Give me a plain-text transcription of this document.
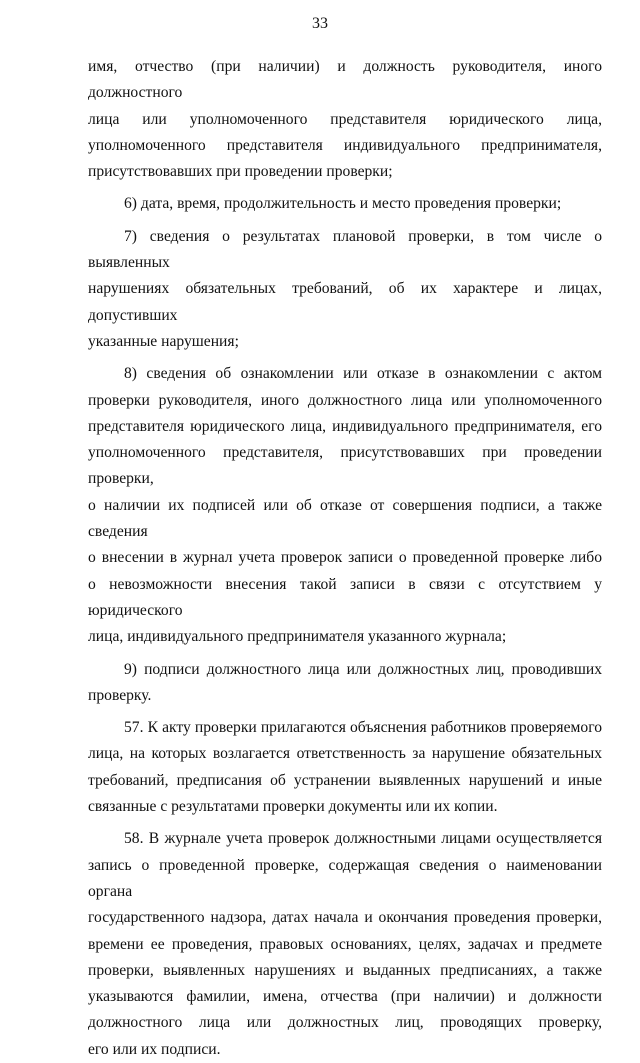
33
имя, отчество (при наличии) и должность руководителя, иного должностного
лица или уполномоченного представителя юридического лица,
уполномоченного представителя индивидуального предпринимателя,
присутствовавших при проведении проверки;
6) дата, время, продолжительность и место проведения проверки;
7) сведения о результатах плановой проверки, в том числе о выявленных
нарушениях обязательных требований, об их характере и лицах, допустивших
указанные нарушения;
8) сведения об ознакомлении или отказе в ознакомлении с актом
проверки руководителя, иного должностного лица или уполномоченного
представителя юридического лица, индивидуального предпринимателя, его
уполномоченного представителя, присутствовавших при проведении проверки,
о наличии их подписей или об отказе от совершения подписи, а также сведения
о внесении в журнал учета проверок записи о проведенной проверке либо
о невозможности внесения такой записи в связи с отсутствием у юридического
лица, индивидуального предпринимателя указанного журнала;
9) подписи должностного лица или должностных лиц, проводивших
проверку.
57. К акту проверки прилагаются объяснения работников проверяемого
лица, на которых возлагается ответственность за нарушение обязательных
требований, предписания об устранении выявленных нарушений и иные
связанные с результатами проверки документы или их копии.
58. В журнале учета проверок должностными лицами осуществляется
запись о проведенной проверке, содержащая сведения о наименовании органа
государственного надзора, датах начала и окончания проведения проверки,
времени ее проведения, правовых основаниях, целях, задачах и предмете
проверки, выявленных нарушениях и выданных предписаниях, а также
указываются фамилии, имена, отчества (при наличии) и должности
должностного лица или должностных лиц, проводящих проверку,
его или их подписи.
